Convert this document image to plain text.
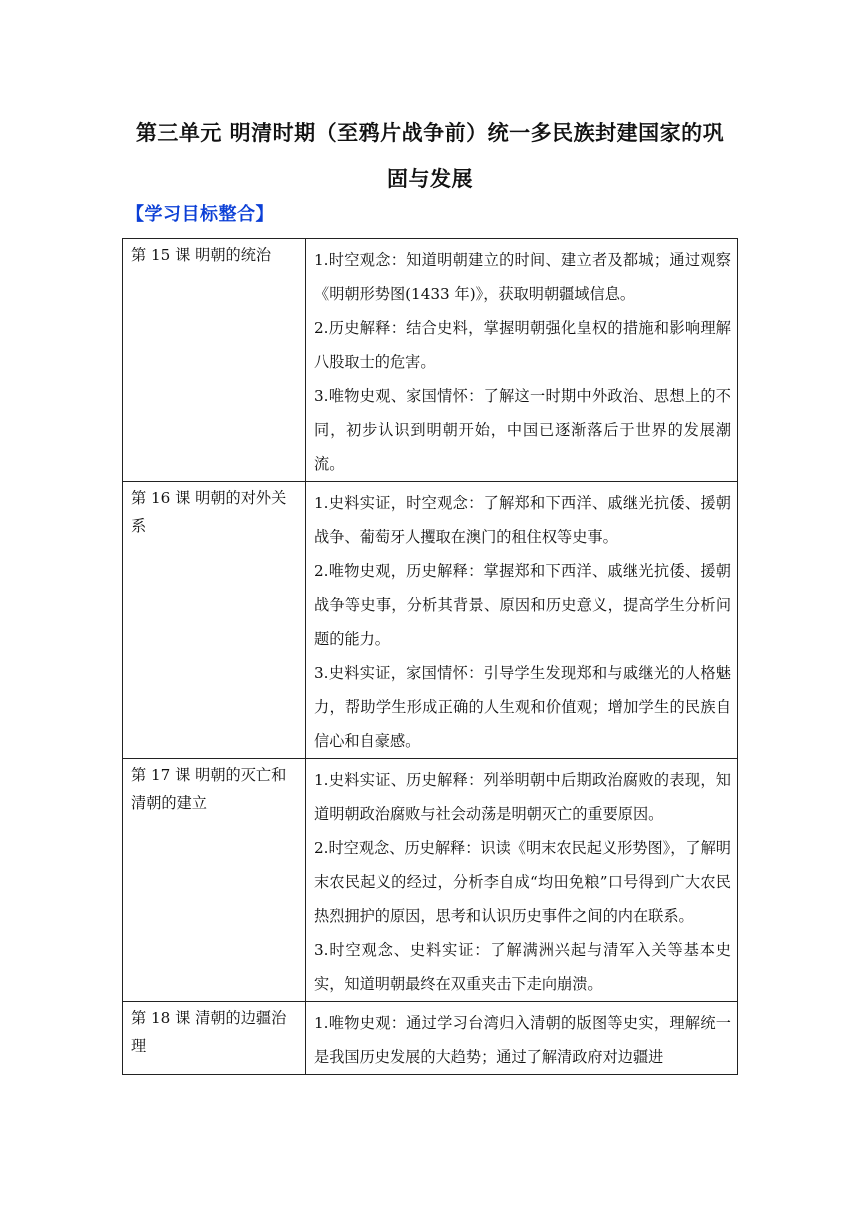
第三单元 明清时期（至鸦片战争前）统一多民族封建国家的巩
固与发展
【学习目标整合】
第 15 课 明朝的统治	1.时空观念：知道明朝建立的时间、建立者及都城；通过观察《明朝形势图(1433 年)》，获取明朝疆域信息。

2.历史解释：结合史料，掌握明朝强化皇权的措施和影响理解八股取士的危害。

3.唯物史观、家国情怀：了解这一时期中外政治、思想上的不同，初步认识到明朝开始，中国已逐渐落后于世界的发展潮流。

第 16 课 明朝的对外关系	1.史料实证，时空观念：了解郑和下西洋、戚继光抗倭、援朝战争、葡萄牙人攫取在澳门的租住权等史事。

2.唯物史观，历史解释：掌握郑和下西洋、戚继光抗倭、援朝战争等史事，分析其背景、原因和历史意义，提高学生分析问题的能力。

3.史料实证，家国情怀：引导学生发现郑和与戚继光的人格魅力，帮助学生形成正确的人生观和价值观；增加学生的民族自信心和自豪感。

第 17 课 明朝的灭亡和清朝的建立	1.史料实证、历史解释：列举明朝中后期政治腐败的表现，知道明朝政治腐败与社会动荡是明朝灭亡的重要原因。

2.时空观念、历史解释：识读《明末农民起义形势图》，了解明末农民起义的经过，分析李自成“均田免粮”口号得到广大农民热烈拥护的原因，思考和认识历史事件之间的内在联系。

3.时空观念、史料实证：了解满洲兴起与清军入关等基本史实，知道明朝最终在双重夹击下走向崩溃。

第 18 课 清朝的边疆治理	1.唯物史观：通过学习台湾归入清朝的版图等史实，理解统一是我国历史发展的大趋势；通过了解清政府对边疆进
